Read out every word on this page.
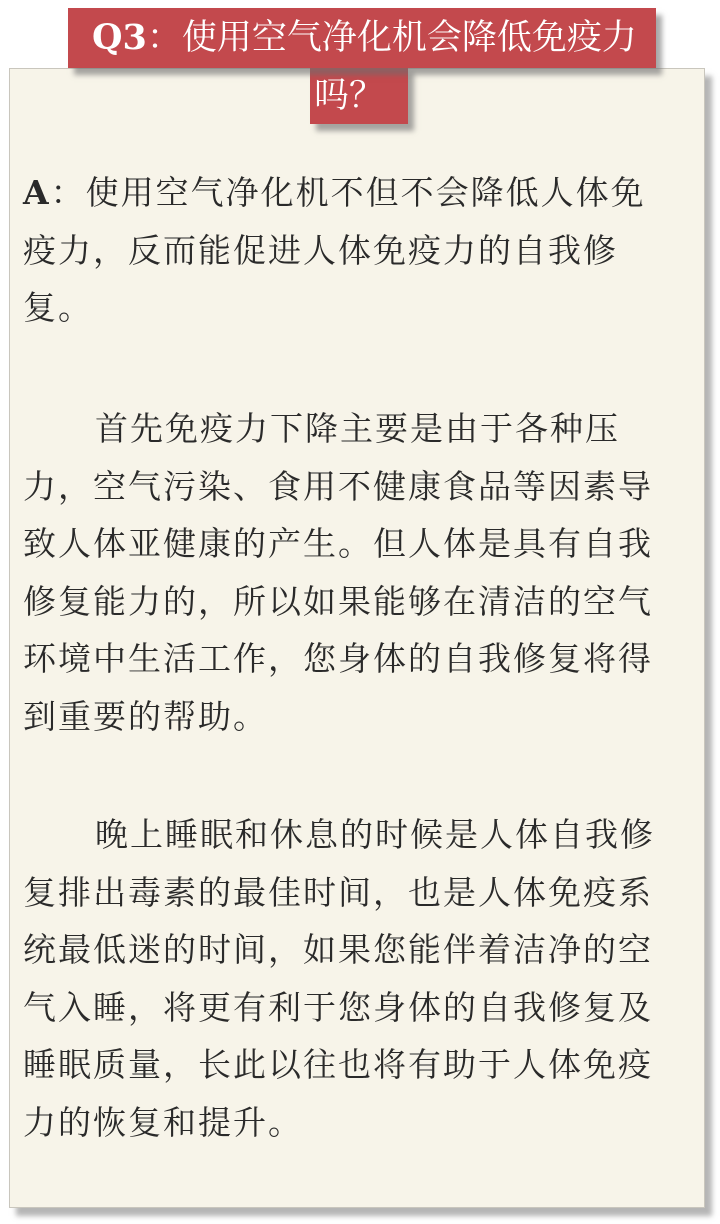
Q3：使用空气净化机会降低免疫力
吗？
A：使用空气净化机不但不会降低人体免
疫力，反而能促进人体免疫力的自我修
复。
首先免疫力下降主要是由于各种压
力，空气污染、食用不健康食品等因素导
致人体亚健康的产生。但人体是具有自我
修复能力的，所以如果能够在清洁的空气
环境中生活工作，您身体的自我修复将得
到重要的帮助。
晚上睡眠和休息的时候是人体自我修
复排出毒素的最佳时间，也是人体免疫系
统最低迷的时间，如果您能伴着洁净的空
气入睡，将更有利于您身体的自我修复及
睡眠质量，长此以往也将有助于人体免疫
力的恢复和提升。
